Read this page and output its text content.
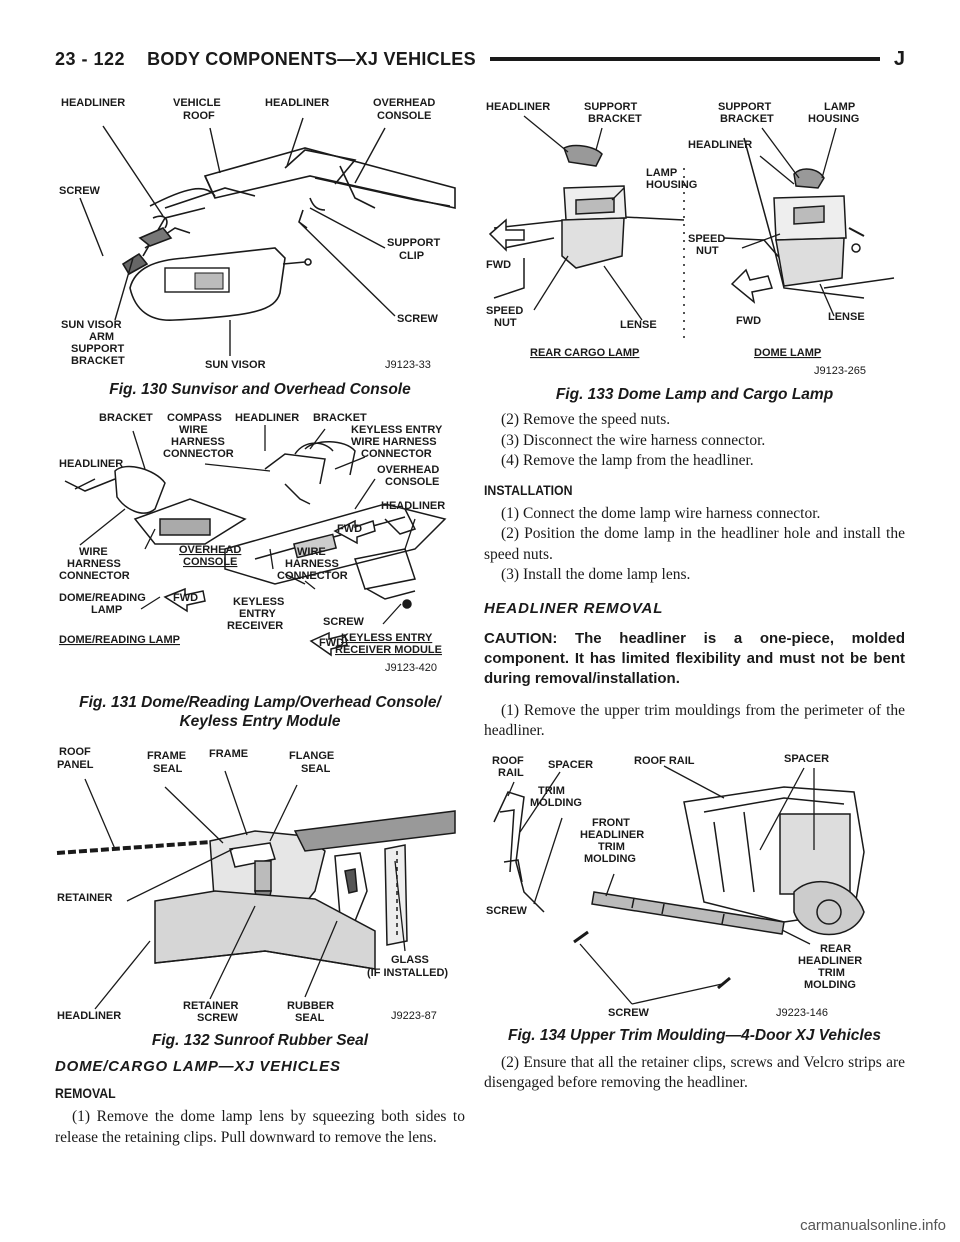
23 - 122 BODY COMPONENTS—XJ VEHICLES	J
HEADLINER	VEHICLE
ROOF
HEADLINER	OVERHEAD
CONSOLE
SCREW
SUPPORT
CLIP
SCREW
SUN VISOR
ARM
SUPPORT
BRACKET	SUN VISOR	J9123-33
Fig. 130 Sunvisor and Overhead Console
FWD
FWD
FWD
BRACKET COMPASS
WIRE
HARNESS
CONNECTOR
HEADLINER BRACKET
KEYLESS ENTRY
WIRE HARNESS
CONNECTOR
HEADLINER	OVERHEAD
CONSOLE
HEADLINER
WIRE
HARNESS
CONNECTOR
OVERHEAD
CONSOLE
WIRE
HARNESS
CONNECTOR
DOME/READING
LAMP
KEYLESS
ENTRY
RECEIVER	SCREW
DOME/READING LAMP	KEYLESS ENTRY
RECEIVER MODULE
J9123-420
Fig. 131 Dome/Reading Lamp/Overhead Console/
Keyless Entry Module
ROOF
PANEL
FRAME
SEAL
FRAME	FLANGE
SEAL
RETAINER
GLASS
(IF INSTALLED)
HEADLINER
RETAINER
SCREW
RUBBER
SEAL	J9223-87
Fig. 132 Sunroof Rubber Seal
DOME/CARGO LAMP—XJ VEHICLES
REMOVAL

(1) Remove the dome lamp lens by squeezing both sides to release the retaining clips. Pull downward to remove the lens.

HEADLINER	SUPPORT
BRACKET
SUPPORT
BRACKET
LAMP
HOUSING
HEADLINER
LAMP
HOUSING
SPEED
NUT
FWD
SPEED
NUT	LENSE	FWD	LENSE
REAR CARGO LAMP	DOME LAMP
J9123-265
Fig. 133 Dome Lamp and Cargo Lamp

(2) Remove the speed nuts.

(3) Disconnect the wire harness connector.

(4) Remove the lamp from the headliner.

INSTALLATION

(1) Connect the dome lamp wire harness connector.

(2) Position the dome lamp in the headliner hole and install the speed nuts.

(3) Install the dome lamp lens.

HEADLINER REMOVAL

CAUTION: The headliner is a one-piece, molded component. It has limited flexibility and must not be bent during removal/installation.

(1) Remove the upper trim mouldings from the perimeter of the headliner.

ROOF
RAIL
SPACER	ROOF RAIL	SPACER
TRIM
MOLDING
FRONT
HEADLINER
TRIM
MOLDING
SCREW
REAR
HEADLINER
TRIM
MOLDING
SCREW	J9223-146
Fig. 134 Upper Trim Moulding—4-Door XJ Vehicles

(2) Ensure that all the retainer clips, screws and Velcro strips are disengaged before removing the headliner.

carmanualsonline.info
